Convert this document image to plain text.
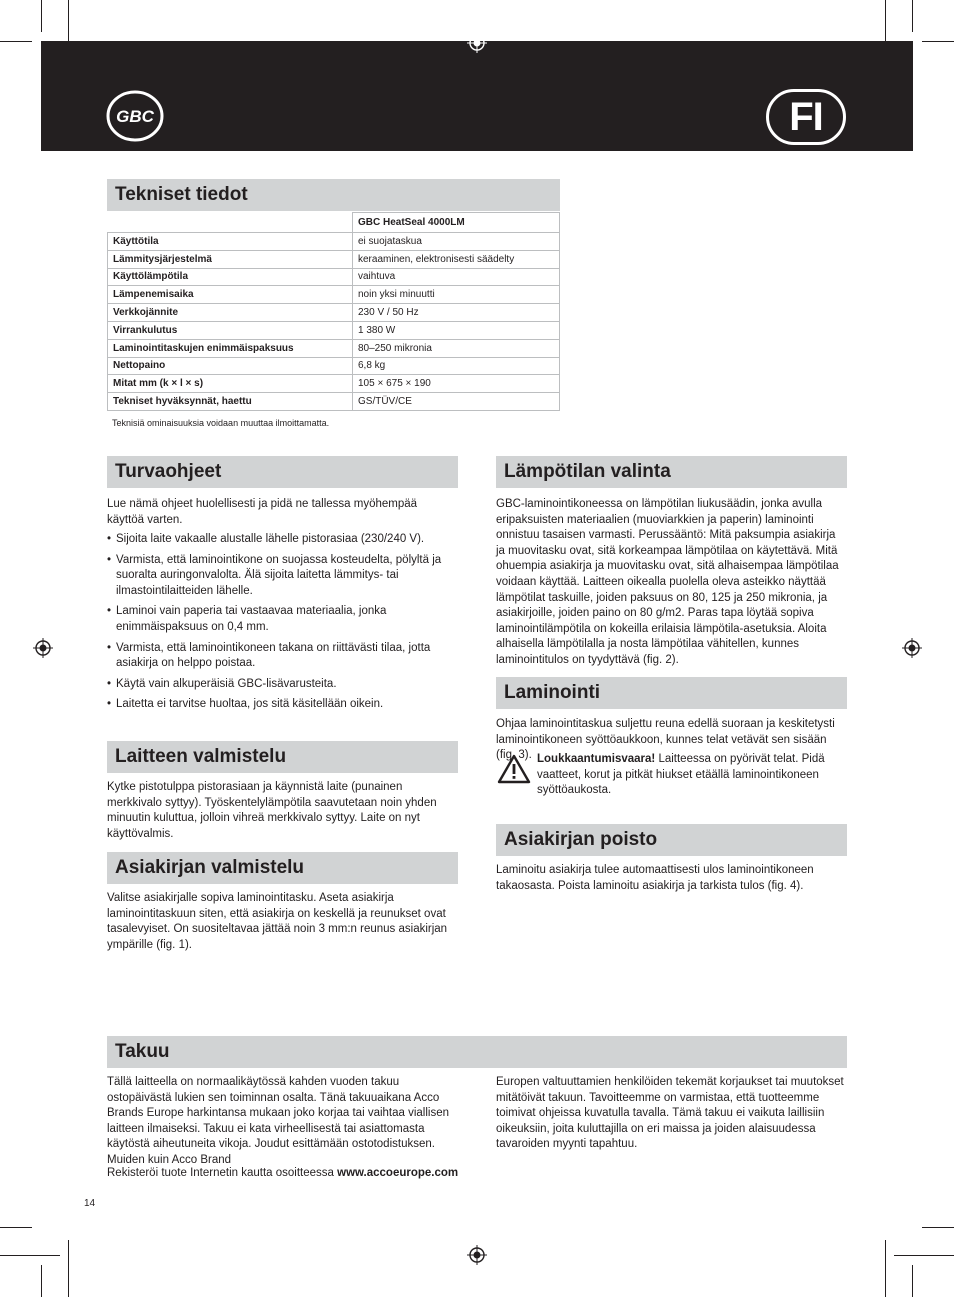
GBC	FI
Tekniset tiedot
	GBC HeatSeal 4000LM
Käyttötila	ei suojataskua
Lämmitysjärjestelmä	keraaminen, elektronisesti säädelty
Käyttölämpötila	vaihtuva
Lämpenemisaika	noin yksi minuutti
Verkkojännite	230 V / 50 Hz
Virrankulutus	1 380 W
Laminointitaskujen enimmäispaksuus	80–250 mikronia
Nettopaino	6,8 kg
Mitat mm (k × l × s)	105 × 675 × 190
Tekniset hyväksynnät, haettu	GS/TÜV/CE
Teknisiä ominaisuuksia voidaan muuttaa ilmoittamatta.
Turvaohjeet
Lue nämä ohjeet huolellisesti ja pidä ne tallessa myöhempää käyttöä varten.
• Sijoita laite vakaalle alustalle lähelle pistorasiaa (230/240 V).
• Varmista, että laminointikone on suojassa kosteudelta, pölyltä ja suoralta auringonvalolta. Älä sijoita laitetta lämmitys- tai ilmastointilaitteiden lähelle.
• Laminoi vain paperia tai vastaavaa materiaalia, jonka enimmäispaksuus on 0,4 mm.
• Varmista, että laminointikoneen takana on riittävästi tilaa, jotta asiakirja on helppo poistaa.
• Käytä vain alkuperäisiä GBC-lisävarusteita.
• Laitetta ei tarvitse huoltaa, jos sitä käsitellään oikein.
Laitteen valmistelu
Kytke pistotulppa pistorasiaan ja käynnistä laite (punainen merkkivalo syttyy). Työskentelylämpötila saavutetaan noin yhden minuutin kuluttua, jolloin vihreä merkkivalo syttyy. Laite on nyt käyttövalmis.
Asiakirjan valmistelu
Valitse asiakirjalle sopiva laminointitasku. Aseta asiakirja laminointitaskuun siten, että asiakirja on keskellä ja reunukset ovat tasalevyiset. On suositeltavaa jättää noin 3 mm:n reunus asiakirjan ympärille (fig. 1).
Lämpötilan valinta
GBC-laminointikoneessa on lämpötilan liukusäädin, jonka avulla eripaksuisten materiaalien (muoviarkkien ja paperin) laminointi onnistuu tasaisen varmasti. Perussääntö: Mitä paksumpia asiakirja ja muovitasku ovat, sitä korkeampaa lämpötilaa on käytettävä. Mitä ohuempia asiakirja ja muovitasku ovat, sitä alhaisempaa lämpötilaa voidaan käyttää. Laitteen oikealla puolella oleva asteikko näyttää lämpötilat taskuille, joiden paksuus on 80, 125 ja 250 mikronia, ja asiakirjoille, joiden paino on 80 g/m2. Paras tapa löytää sopiva laminointilämpötila on kokeilla erilaisia lämpötila-asetuksia. Aloita alhaisella lämpötilalla ja nosta lämpötilaa vähitellen, kunnes laminointitulos on tyydyttävä (fig. 2).
Laminointi
Ohjaa laminointitaskua suljettu reuna edellä suoraan ja keskitetysti laminointikoneen syöttöaukkoon, kunnes telat vetävät sen sisään (fig. 3). Loukkaantumisvaara! Laitteessa on pyörivät telat. Pidä vaatteet, korut ja pitkät hiukset etäällä laminointikoneen syöttöaukosta.
Asiakirjan poisto
Laminoitu asiakirja tulee automaattisesti ulos laminointikoneen takaosasta. Poista laminoitu asiakirja ja tarkista tulos (fig. 4).
Takuu
Tällä laitteella on normaalikäytössä kahden vuoden takuu ostopäivästä lukien sen toiminnan osalta. Tänä takuuaikana Acco Brands Europe harkintansa mukaan joko korjaa tai vaihtaa viallisen laitteen ilmaiseksi. Takuu ei kata virheellisestä tai asiattomasta käytöstä aiheutuneita vikoja. Joudut esittämään ostotodistuksen. Muiden kuin Acco Brand
Rekisteröi tuote Internetin kautta osoitteessa www.accoeurope.com
Europen valtuuttamien henkilöiden tekemät korjaukset tai muutokset mitätöivät takuun. Tavoitteemme on varmistaa, että tuotteemme toimivat ohjeissa kuvatulla tavalla. Tämä takuu ei vaikuta laillisiin oikeuksiin, joita kuluttajilla on eri maissa ja joiden alaisuudessa tavaroiden myynti tapahtuu.
14
